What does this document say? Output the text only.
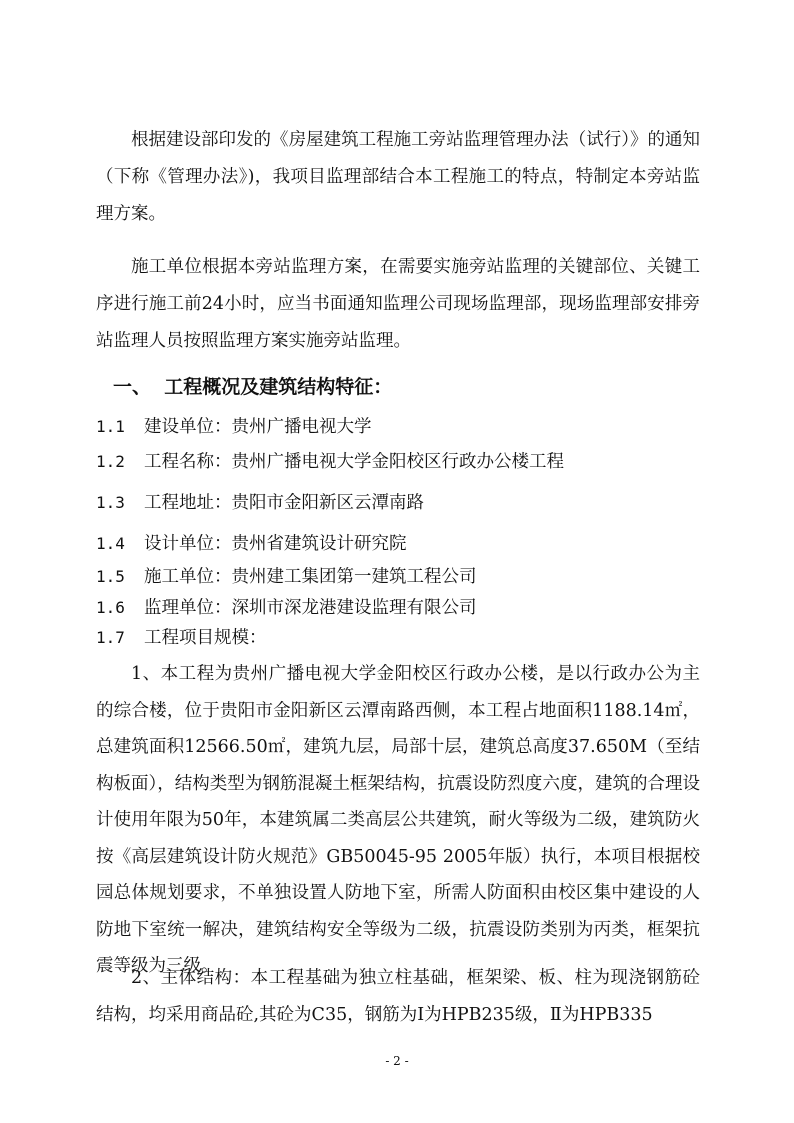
根据建设部印发的《房屋建筑工程施工旁站监理管理办法（试行）》的通知（下称《管理办法》)，我项目监理部结合本工程施工的特点，特制定本旁站监理方案。

施工单位根据本旁站监理方案，在需要实施旁站监理的关键部位、关键工序进行施工前24小时，应当书面通知监理公司现场监理部，现场监理部安排旁站监理人员按照监理方案实施旁站监理。

一、  工程概况及建筑结构特征：
1.1 建设单位：贵州广播电视大学
1.2 工程名称：贵州广播电视大学金阳校区行政办公楼工程
1.3 工程地址：贵阳市金阳新区云潭南路
1.4 设计单位：贵州省建筑设计研究院
1.5 施工单位：贵州建工集团第一建筑工程公司
1.6 监理单位：深圳市深龙港建设监理有限公司
1.7 工程项目规模：

1、本工程为贵州广播电视大学金阳校区行政办公楼，是以行政办公为主的综合楼，位于贵阳市金阳新区云潭南路西侧，本工程占地面积1188.14㎡，总建筑面积12566.50㎡，建筑九层，局部十层，建筑总高度37.650M（至结构板面），结构类型为钢筋混凝土框架结构，抗震设防烈度六度，建筑的合理设计使用年限为50年，本建筑属二类高层公共建筑，耐火等级为二级，建筑防火按《高层建筑设计防火规范》GB50045-95 2005年版）执行，本项目根据校园总体规划要求，不单独设置人防地下室，所需人防面积由校区集中建设的人防地下室统一解决，建筑结构安全等级为二级，抗震设防类别为丙类，框架抗震等级为三级。

2、主体结构：本工程基础为独立柱基础，框架梁、板、柱为现浇钢筋砼结构，均采用商品砼,其砼为C35，钢筋为Ⅰ为HPB235级，Ⅱ为HPB335

- 2 -
